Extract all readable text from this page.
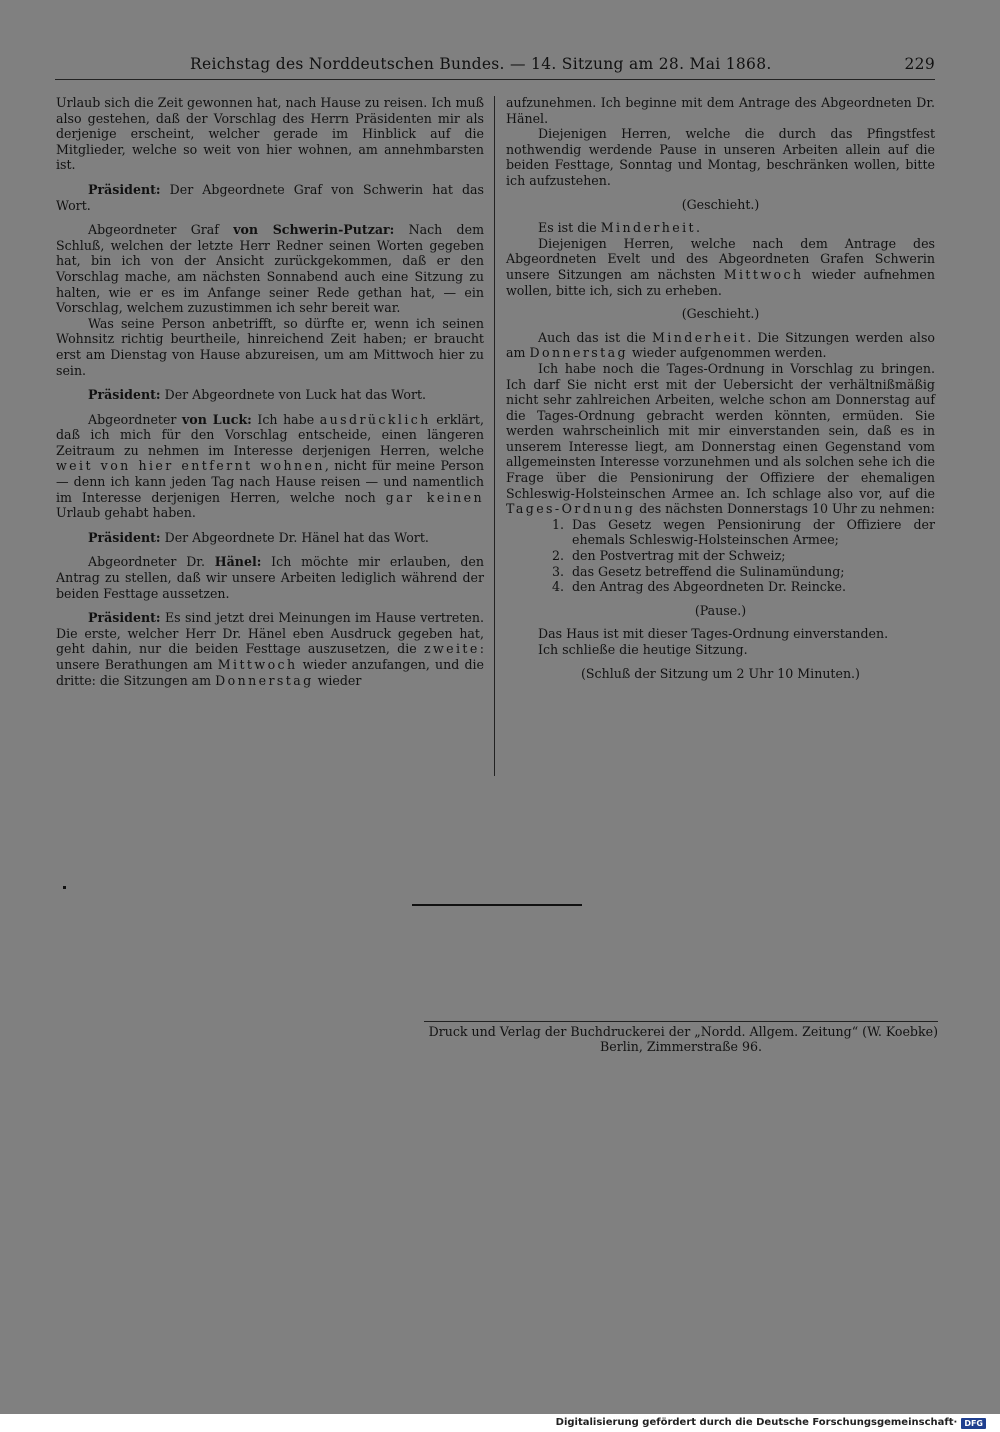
Reichstag des Norddeutschen Bundes. — 14. Sitzung am 28. Mai 1868.	229

Urlaub sich die Zeit gewonnen hat, nach Hause zu reisen. Ich muß also gestehen, daß der Vorschlag des Herrn Präsidenten mir als derjenige erscheint, welcher gerade im Hinblick auf die Mitglieder, welche so weit von hier wohnen, am annehmbarsten ist.

Präsident: Der Abgeordnete Graf von Schwerin hat das Wort.

Abgeordneter Graf von Schwerin-Putzar: Nach dem Schluß, welchen der letzte Herr Redner seinen Worten gegeben hat, bin ich von der Ansicht zurückgekommen, daß er den Vorschlag mache, am nächsten Sonnabend auch eine Sitzung zu halten, wie er es im Anfange seiner Rede gethan hat, — ein Vorschlag, welchem zuzustimmen ich sehr bereit war.

Was seine Person anbetrifft, so dürfte er, wenn ich seinen Wohnsitz richtig beurtheile, hinreichend Zeit haben; er braucht erst am Dienstag von Hause abzureisen, um am Mittwoch hier zu sein.

Präsident: Der Abgeordnete von Luck hat das Wort.

Abgeordneter von Luck: Ich habe ausdrücklich erklärt, daß ich mich für den Vorschlag entscheide, einen längeren Zeitraum zu nehmen im Interesse derjenigen Herren, welche weit von hier entfernt wohnen, nicht für meine Person — denn ich kann jeden Tag nach Hause reisen — und namentlich im Interesse derjenigen Herren, welche noch gar keinen Urlaub gehabt haben.

Präsident: Der Abgeordnete Dr. Hänel hat das Wort.

Abgeordneter Dr. Hänel: Ich möchte mir erlauben, den Antrag zu stellen, daß wir unsere Arbeiten lediglich während der beiden Festtage aussetzen.

Präsident: Es sind jetzt drei Meinungen im Hause vertreten. Die erste, welcher Herr Dr. Hänel eben Ausdruck gegeben hat, geht dahin, nur die beiden Festtage auszusetzen, die zweite: unsere Berathungen am Mittwoch wieder anzufangen, und die dritte: die Sitzungen am Donnerstag wieder

aufzunehmen. Ich beginne mit dem Antrage des Abgeordneten Dr. Hänel.

Diejenigen Herren, welche die durch das Pfingstfest nothwendig werdende Pause in unseren Arbeiten allein auf die beiden Festtage, Sonntag und Montag, beschränken wollen, bitte ich aufzustehen.

(Geschieht.)

Es ist die Minderheit.

Diejenigen Herren, welche nach dem Antrage des Abgeordneten Evelt und des Abgeordneten Grafen Schwerin unsere Sitzungen am nächsten Mittwoch wieder aufnehmen wollen, bitte ich, sich zu erheben.

(Geschieht.)

Auch das ist die Minderheit. Die Sitzungen werden also am Donnerstag wieder aufgenommen werden.

Ich habe noch die Tages-Ordnung in Vorschlag zu bringen. Ich darf Sie nicht erst mit der Uebersicht der verhältnißmäßig nicht sehr zahlreichen Arbeiten, welche schon am Donnerstag auf die Tages-Ordnung gebracht werden könnten, ermüden. Sie werden wahrscheinlich mit mir einverstanden sein, daß es in unserem Interesse liegt, am Donnerstag einen Gegenstand vom allgemeinsten Interesse vorzunehmen und als solchen sehe ich die Frage über die Pensionirung der Offiziere der ehemaligen Schleswig-Holsteinschen Armee an. Ich schlage also vor, auf die Tages-Ordnung des nächsten Donnerstags 10 Uhr zu nehmen:

1. Das Gesetz wegen Pensionirung der Offiziere der ehemals Schleswig-Holsteinschen Armee;
2. den Postvertrag mit der Schweiz;
3. das Gesetz betreffend die Sulinamündung;
4. den Antrag des Abgeordneten Dr. Reincke.

(Pause.)

Das Haus ist mit dieser Tages-Ordnung einverstanden.

Ich schließe die heutige Sitzung.

(Schluß der Sitzung um 2 Uhr 10 Minuten.)

Druck und Verlag der Buchdruckerei der „Nordd. Allgem. Zeitung“ (W. Koebke)
Berlin, Zimmerstraße 96.
Digitalisierung gefördert durch die Deutsche Forschungsgemeinschaft· DFG
